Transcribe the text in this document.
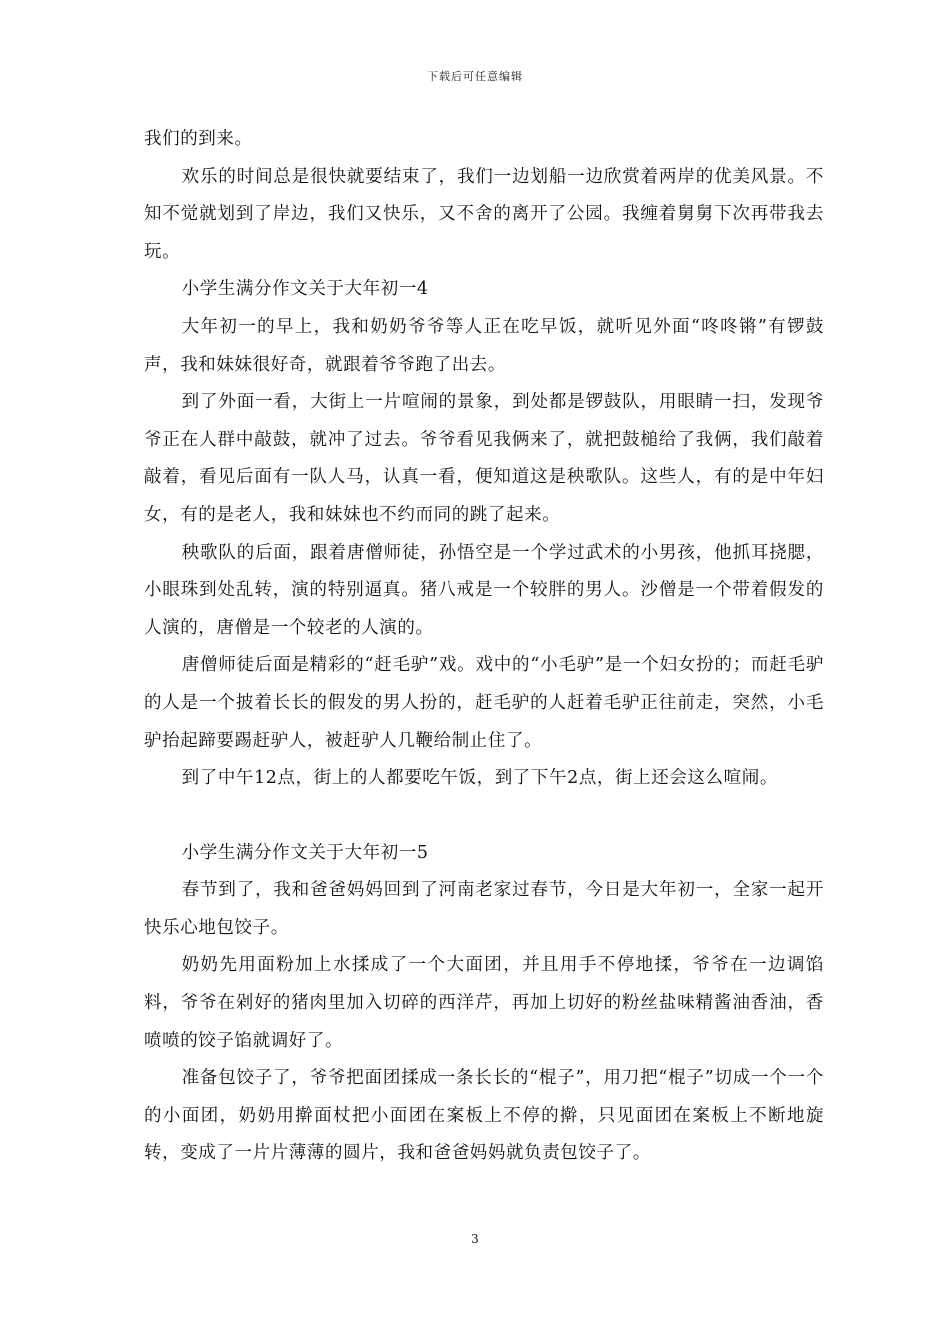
下载后可任意编辑

我们的到来。

欢乐的时间总是很快就要结束了，我们一边划船一边欣赏着两岸的优美风景。不知不觉就划到了岸边，我们又快乐，又不舍的离开了公园。我缠着舅舅下次再带我去玩。

小学生满分作文关于大年初一4

大年初一的早上，我和奶奶爷爷等人正在吃早饭，就听见外面“咚咚锵”有锣鼓声，我和妹妹很好奇，就跟着爷爷跑了出去。

到了外面一看，大街上一片喧闹的景象，到处都是锣鼓队，用眼睛一扫，发现爷爷正在人群中敲鼓，就冲了过去。爷爷看见我俩来了，就把鼓槌给了我俩，我们敲着敲着，看见后面有一队人马，认真一看，便知道这是秧歌队。这些人，有的是中年妇女，有的是老人，我和妹妹也不约而同的跳了起来。

秧歌队的后面，跟着唐僧师徒，孙悟空是一个学过武术的小男孩，他抓耳挠腮，小眼珠到处乱转，演的特别逼真。猪八戒是一个较胖的男人。沙僧是一个带着假发的人演的，唐僧是一个较老的人演的。

唐僧师徒后面是精彩的“赶毛驴”戏。戏中的“小毛驴”是一个妇女扮的；而赶毛驴的人是一个披着长长的假发的男人扮的，赶毛驴的人赶着毛驴正往前走，突然，小毛驴抬起蹄要踢赶驴人，被赶驴人几鞭给制止住了。

到了中午12点，街上的人都要吃午饭，到了下午2点，街上还会这么喧闹。

小学生满分作文关于大年初一5

春节到了，我和爸爸妈妈回到了河南老家过春节，今日是大年初一，全家一起开快乐心地包饺子。

奶奶先用面粉加上水揉成了一个大面团，并且用手不停地揉，爷爷在一边调馅料，爷爷在剁好的猪肉里加入切碎的西洋芹，再加上切好的粉丝盐味精酱油香油，香喷喷的饺子馅就调好了。

准备包饺子了，爷爷把面团揉成一条长长的“棍子”，用刀把“棍子”切成一个一个的小面团，奶奶用擀面杖把小面团在案板上不停的擀，只见面团在案板上不断地旋转，变成了一片片薄薄的圆片，我和爸爸妈妈就负责包饺子了。

3
